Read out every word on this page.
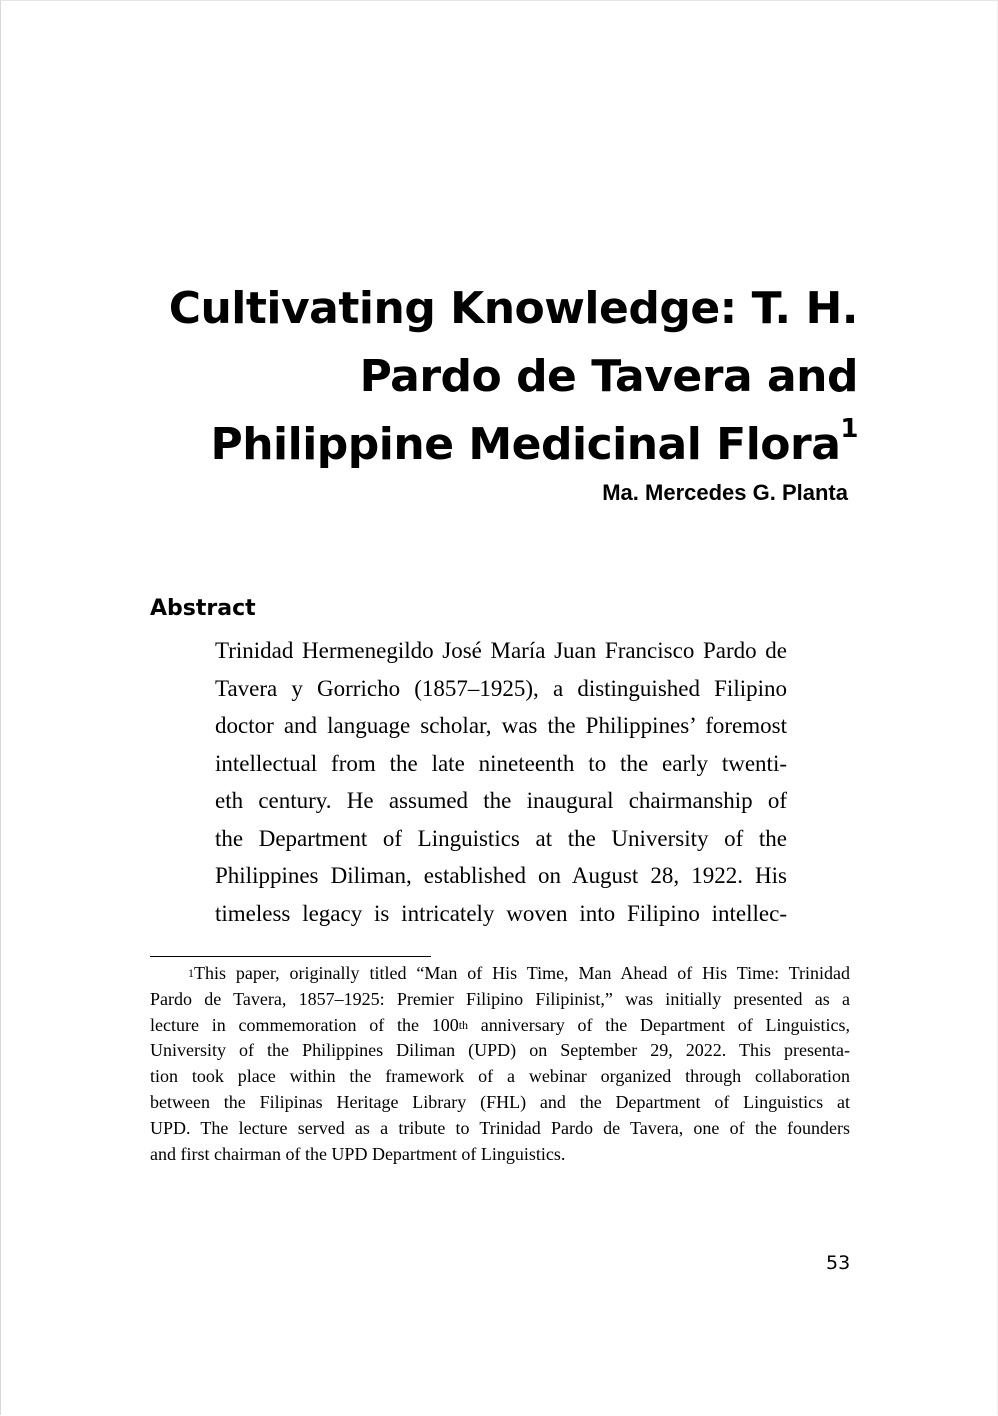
Cultivating Knowledge: T. H.
Pardo de Tavera and
Philippine Medicinal Flora$^1$
Ma. Mercedes G. Planta
Abstract
Trinidad Hermenegildo José María Juan Francisco Pardo de
Tavera y Gorricho (1857–1925), a distinguished Filipino
doctor and language scholar, was the Philippines’ foremost
intellectual from the late nineteenth to the early twenti-
eth century. He assumed the inaugural chairmanship of
the Department of Linguistics at the University of the
Philippines Diliman, established on August 28, 1922. His
timeless legacy is intricately woven into Filipino intellec-
$^1$This paper, originally titled “Man of His Time, Man Ahead of His Time: Trinidad
Pardo de Tavera, 1857–1925: Premier Filipino Filipinist,” was initially presented as a
lecture in commemoration of the 100th anniversary of the Department of Linguistics,
University of the Philippines Diliman (UPD) on September 29, 2022. This presenta-
tion took place within the framework of a webinar organized through collaboration
between the Filipinas Heritage Library (FHL) and the Department of Linguistics at
UPD. The lecture served as a tribute to Trinidad Pardo de Tavera, one of the founders
and first chairman of the UPD Department of Linguistics.
53
